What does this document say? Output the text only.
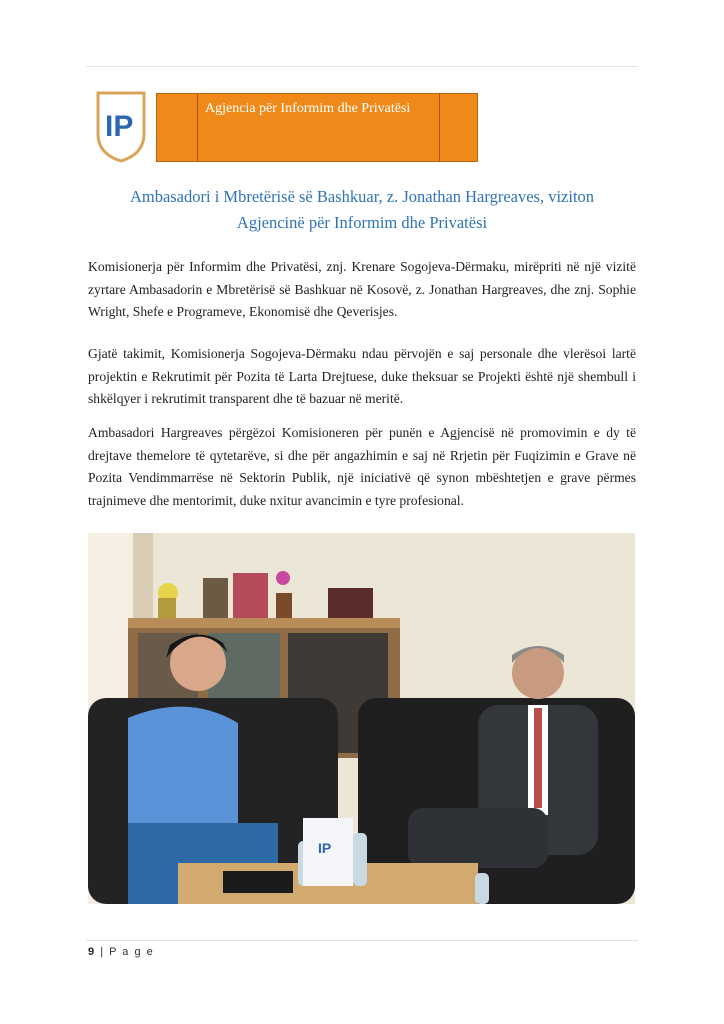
IP
Agjencia për Informim dhe Privatësi
Ambasadori i Mbretërisë së Bashkuar, z. Jonathan Hargreaves, viziton
Agjencinë për Informim dhe Privatësi

Komisionerja për Informim dhe Privatësi, znj. Krenare Sogojeva-Dërmaku, mirëpriti në një vizitë zyrtare Ambasadorin e Mbretërisë së Bashkuar në Kosovë, z. Jonathan Hargreaves, dhe znj. Sophie Wright, Shefe e Programeve, Ekonomisë dhe Qeverisjes.

Gjatë takimit, Komisionerja Sogojeva-Dërmaku ndau përvojën e saj personale dhe vlerësoi lartë projektin e Rekrutimit për Pozita të Larta Drejtuese, duke theksuar se Projekti është një shembull i shkëlqyer i rekrutimit transparent dhe të bazuar në meritë.

Ambasadori Hargreaves përgëzoi Komisioneren për punën e Agjencisë në promovimin e dy të drejtave themelore të qytetarëve, si dhe për angazhimin e saj në Rrjetin për Fuqizimin e Grave në Pozita Vendimmarrëse në Sektorin Publik, një iniciativë që synon mbështetjen e grave përmes trajnimeve dhe mentorimit, duke nxitur avancimin e tyre profesional.

IP
9 | P a g e
